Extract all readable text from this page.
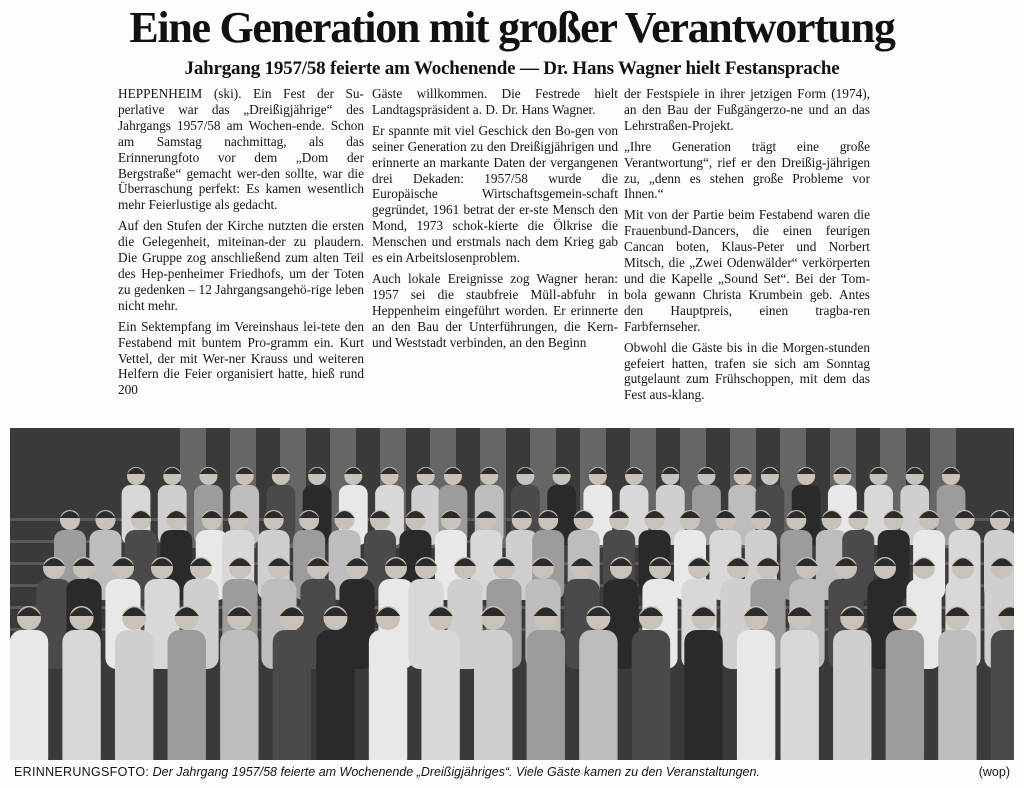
Eine Generation mit großer Verantwortung
Jahrgang 1957/58 feierte am Wochenende — Dr. Hans Wagner hielt Festansprache

HEPPENHEIM (ski). Ein Fest der Su-perlative war das „Dreißigjährige“ des Jahrgangs 1957/58 am Wochen-ende. Schon am Samstag nachmittag, als das Erinnerungfoto vor dem „Dom der Bergstraße“ gemacht wer-den sollte, war die Überraschung perfekt: Es kamen wesentlich mehr Feierlustige als gedacht.

Auf den Stufen der Kirche nutzten die ersten die Gelegenheit, miteinan-der zu plaudern. Die Gruppe zog anschließend zum alten Teil des Hep-penheimer Friedhofs, um der Toten zu gedenken – 12 Jahrgangsangehö-rige leben nicht mehr.

Ein Sektempfang im Vereinshaus lei-tete den Festabend mit buntem Pro-gramm ein. Kurt Vettel, der mit Wer-ner Krauss und weiteren Helfern die Feier organisiert hatte, hieß rund 200

Gäste willkommen. Die Festrede hielt Landtagspräsident a. D. Dr. Hans Wagner.

Er spannte mit viel Geschick den Bo-gen von seiner Generation zu den Dreißigjährigen und erinnerte an markante Daten der vergangenen drei Dekaden: 1957/58 wurde die Europäische Wirtschaftsgemein-schaft gegründet, 1961 betrat der er-ste Mensch den Mond, 1973 schok-kierte die Ölkrise die Menschen und erstmals nach dem Krieg gab es ein Arbeitslosenproblem.

Auch lokale Ereignisse zog Wagner heran: 1957 sei die staubfreie Müll-abfuhr in Heppenheim eingeführt worden. Er erinnerte an den Bau der Unterführungen, die Kern- und Weststadt verbinden, an den Beginn

der Festspiele in ihrer jetzigen Form (1974), an den Bau der Fußgängerzo-ne und an das Lehrstraßen-Projekt.

„Ihre Generation trägt eine große Verantwortung“, rief er den Dreißig-jährigen zu, „denn es stehen große Probleme vor Ihnen.“

Mit von der Partie beim Festabend waren die Frauenbund-Dancers, die einen feurigen Cancan boten, Klaus-Peter und Norbert Mitsch, die „Zwei Odenwälder“ verkörperten und die Kapelle „Sound Set“. Bei der Tom-bola gewann Christa Krumbein geb. Antes den Hauptpreis, einen tragba-ren Farbfernseher.

Obwohl die Gäste bis in die Morgen-stunden gefeiert hatten, trafen sie sich am Sonntag gutgelaunt zum Frühschoppen, mit dem das Fest aus-klang.

ERINNERUNGSFOTO: Der Jahrgang 1957/58 feierte am Wochenende „Dreißigjähriges“. Viele Gäste kamen zu den Veranstaltungen.	(wop)
